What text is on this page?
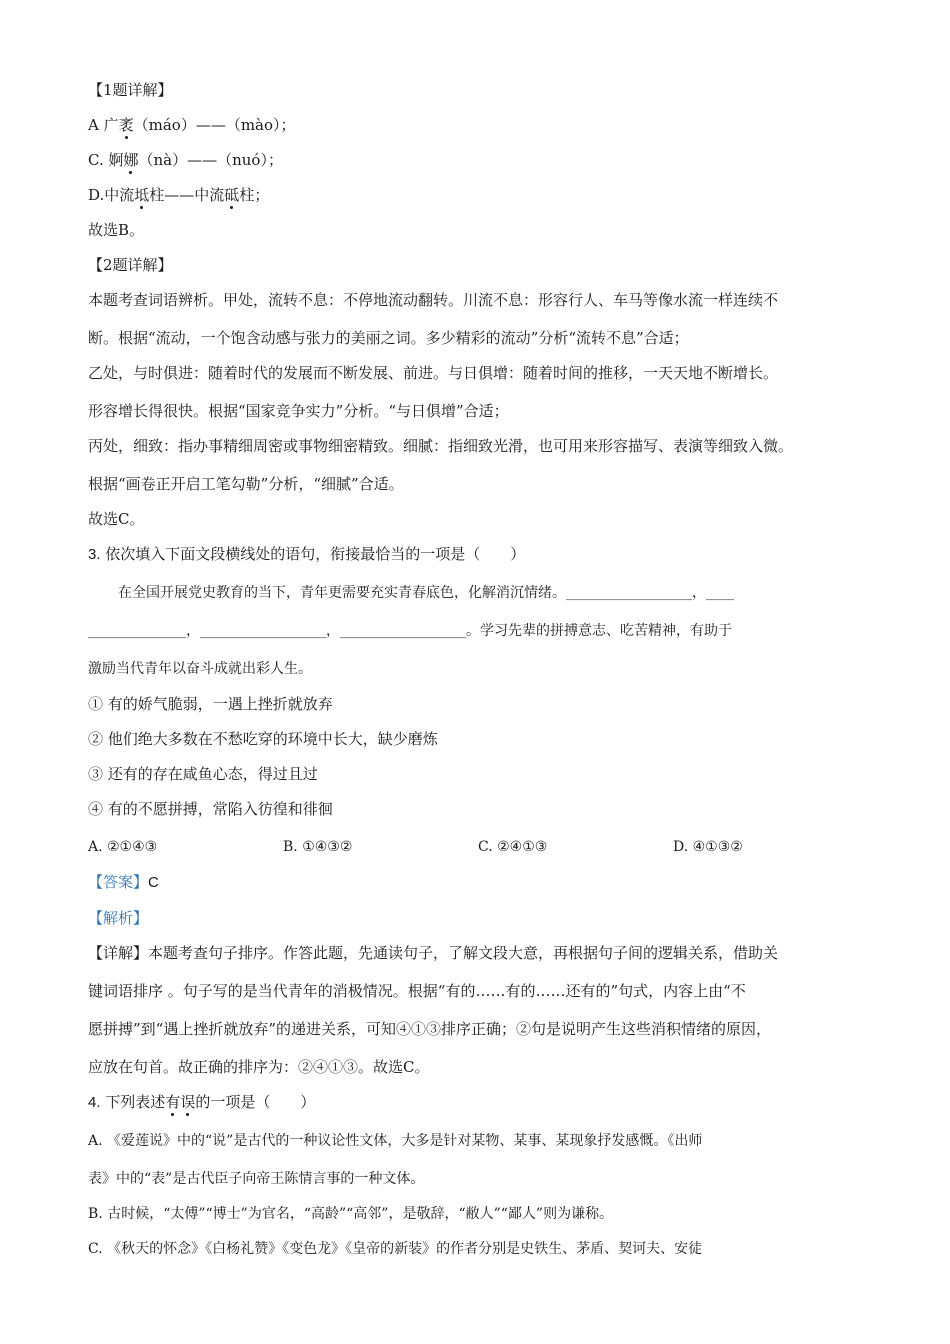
【1题详解】

A 广袤（máo）——（mào）；

C. 婀娜（nà）——（nuó）；

D.中流坻柱——中流砥柱；

故选B。

【2题详解】

本题考查词语辨析。甲处，流转不息：不停地流动翻转。川流不息：形容行人、车马等像水流一样连续不

断。根据“流动，一个饱含动感与张力的美丽之词。多少精彩的流动”分析“流转不息”合适；

乙处，与时俱进：随着时代的发展而不断发展、前进。与日俱增：随着时间的推移，一天天地不断增长。

形容增长得很快。根据“国家竞争实力”分析。“与日俱增”合适；

丙处，细致：指办事精细周密或事物细密精致。细腻：指细致光滑，也可用来形容描写、表演等细致入微。

根据“画卷正开启工笔勾勒”分析，“细腻”合适。

故选C。

3. 依次填入下面文段横线处的语句，衔接最恰当的一项是（　　）

在全国开展党史教育的当下，青年更需要充实青春底色，化解消沉情绪。__________________，____

______________，__________________，__________________。学习先辈的拼搏意志、吃苦精神，有助于

激励当代青年以奋斗成就出彩人生。

① 有的娇气脆弱，一遇上挫折就放弃

② 他们绝大多数在不愁吃穿的环境中长大，缺少磨炼

③ 还有的存在咸鱼心态，得过且过

④ 有的不愿拼搏，常陷入彷徨和徘徊

A. ②①④③	B. ①④③②	C. ②④①③	D. ④①③②

【答案】C

【解析】

【详解】本题考查句子排序。作答此题，先通读句子，了解文段大意，再根据句子间的逻辑关系，借助关

键词语排序 。句子写的是当代青年的消极情况。根据“有的……有的……还有的”句式，内容上由“不

愿拼搏”到“遇上挫折就放弃”的递进关系，可知④①③排序正确；②句是说明产生这些消积情绪的原因，

应放在句首。故正确的排序为：②④①③。故选C。

4. 下列表述有误的一项是（　　）

A. 《爱莲说》中的“说”是古代的一种议论性文体，大多是针对某物、某事、某现象抒发感慨。《出师

表》中的“表”是古代臣子向帝王陈情言事的一种文体。

B. 古时候，“太傅”“博士”为官名，“高龄”“高邻”，是敬辞，“敝人”“鄙人”则为谦称。

C. 《秋天的怀念》《白杨礼赞》《变色龙》《皇帝的新装》的作者分别是史铁生、茅盾、契诃夫、安徒
